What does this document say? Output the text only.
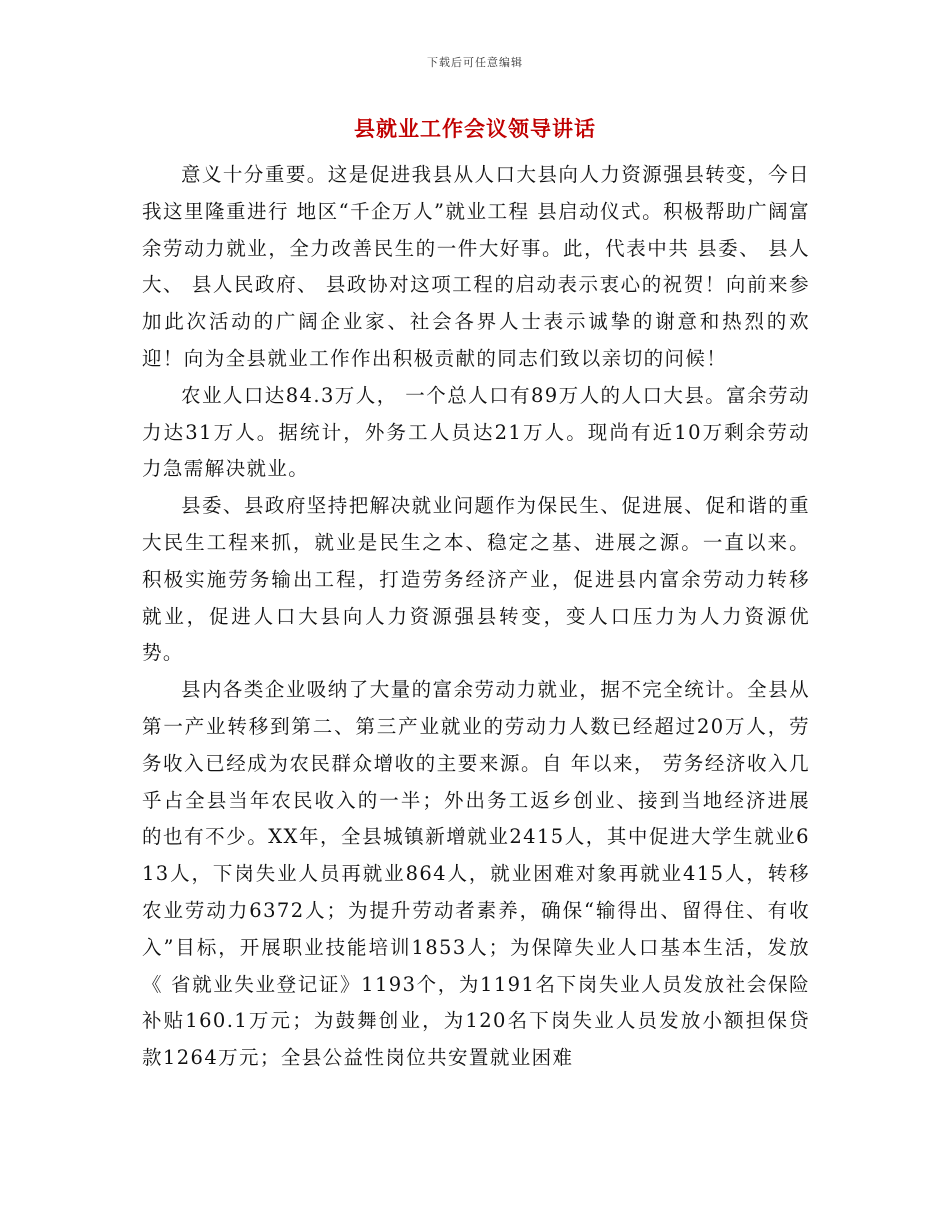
下载后可任意编辑
县就业工作会议领导讲话

意义十分重要。这是促进我县从人口大县向人力资源强县转变，今日我这里隆重进行 地区“千企万人”就业工程 县启动仪式。积极帮助广阔富余劳动力就业，全力改善民生的一件大好事。此，代表中共 县委、 县人大、 县人民政府、 县政协对这项工程的启动表示衷心的祝贺！向前来参加此次活动的广阔企业家、社会各界人士表示诚挚的谢意和热烈的欢迎！向为全县就业工作作出积极贡献的同志们致以亲切的问候！

农业人口达84.3万人， 一个总人口有89万人的人口大县。富余劳动力达31万人。据统计，外务工人员达21万人。现尚有近10万剩余劳动力急需解决就业。

县委、县政府坚持把解决就业问题作为保民生、促进展、促和谐的重大民生工程来抓，就业是民生之本、稳定之基、进展之源。一直以来。积极实施劳务输出工程，打造劳务经济产业，促进县内富余劳动力转移就业，促进人口大县向人力资源强县转变，变人口压力为人力资源优势。

县内各类企业吸纳了大量的富余劳动力就业，据不完全统计。全县从第一产业转移到第二、第三产业就业的劳动力人数已经超过20万人，劳务收入已经成为农民群众增收的主要来源。自 年以来， 劳务经济收入几乎占全县当年农民收入的一半；外出务工返乡创业、接到当地经济进展的也有不少。XX年，全县城镇新增就业2415人，其中促进大学生就业613人，下岗失业人员再就业864人，就业困难对象再就业415人，转移农业劳动力6372人；为提升劳动者素养，确保“输得出、留得住、有收入”目标，开展职业技能培训1853人；为保障失业人口基本生活，发放《 省就业失业登记证》1193个，为1191名下岗失业人员发放社会保险补贴160.1万元；为鼓舞创业，为120名下岗失业人员发放小额担保贷款1264万元；全县公益性岗位共安置就业困难
